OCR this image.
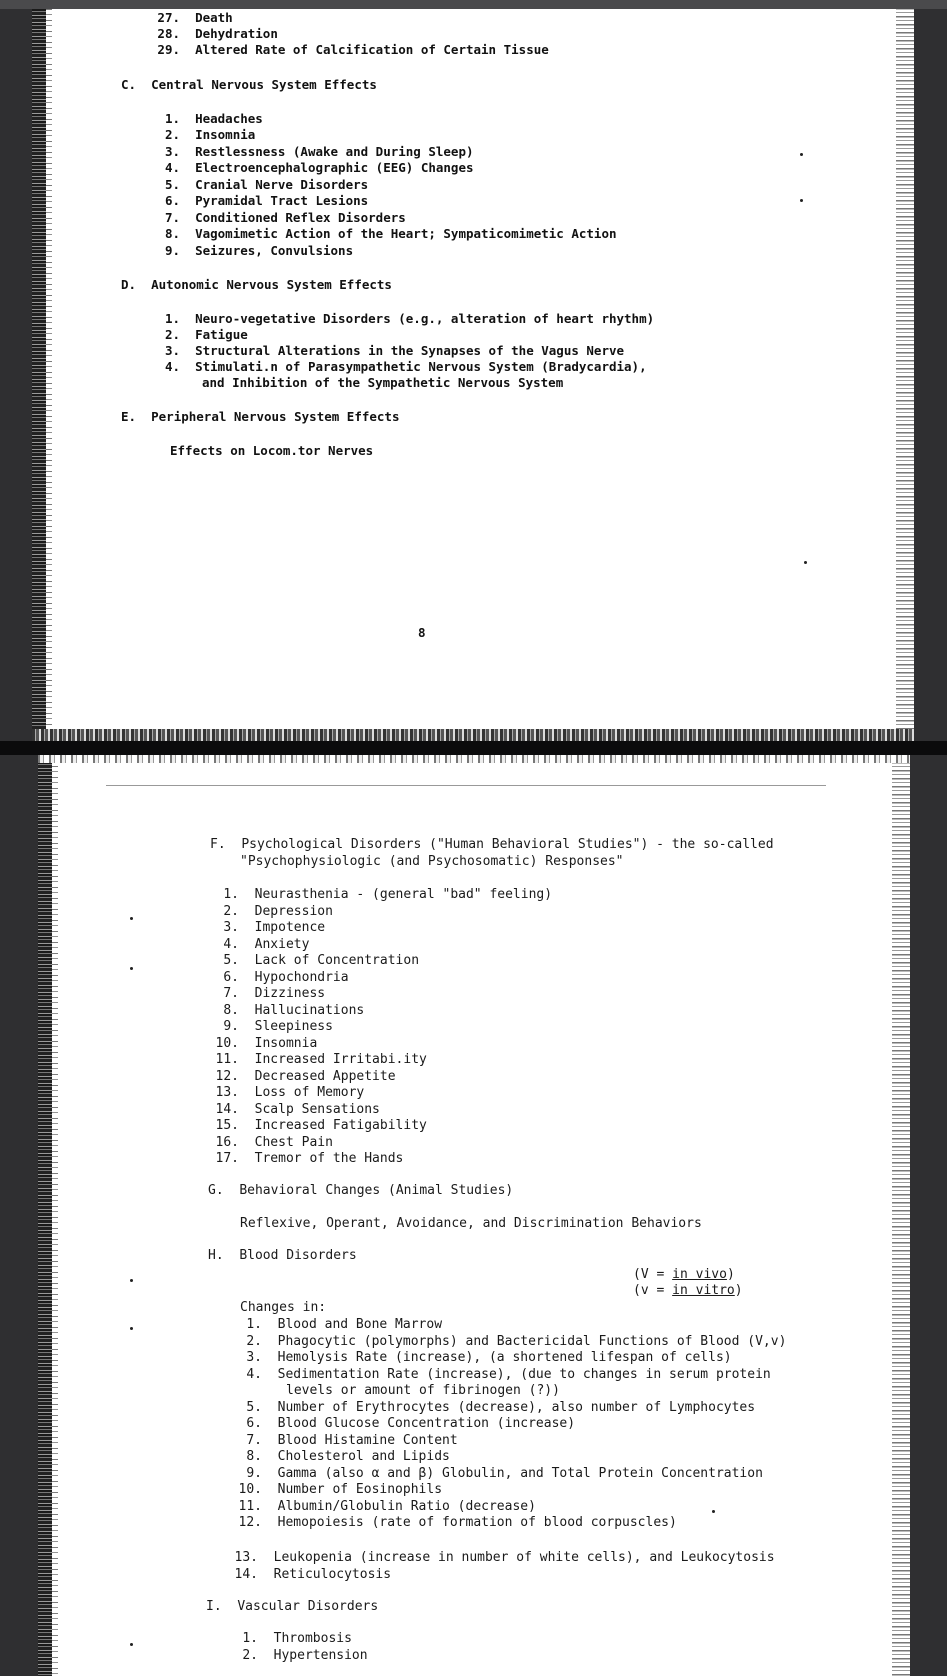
27. Death
28. Dehydration
29. Altered Rate of Calcification of Certain Tissue
C. Central Nervous System Effects
1. Headaches
2. Insomnia
3. Restlessness (Awake and During Sleep)
4. Electroencephalographic (EEG) Changes
5. Cranial Nerve Disorders
6. Pyramidal Tract Lesions
7. Conditioned Reflex Disorders
8. Vagomimetic Action of the Heart; Sympaticomimetic Action
9. Seizures, Convulsions
D. Autonomic Nervous System Effects
1. Neuro-vegetative Disorders (e.g., alteration of heart rhythm)
2. Fatigue
3. Structural Alterations in the Synapses of the Vagus Nerve
4. Stimulati.n of Parasympathetic Nervous System (Bradycardia),
and Inhibition of the Sympathetic Nervous System
E. Peripheral Nervous System Effects
Effects on Locom.tor Nerves
8
F. Psychological Disorders ("Human Behavioral Studies") - the so-called
"Psychophysiologic (and Psychosomatic) Responses"
1. Neurasthenia - (general "bad" feeling)
2. Depression
3. Impotence
4. Anxiety
5. Lack of Concentration
6. Hypochondria
7. Dizziness
8. Hallucinations
9. Sleepiness
10. Insomnia
11. Increased Irritabi.ity
12. Decreased Appetite
13. Loss of Memory
14. Scalp Sensations
15. Increased Fatigability
16. Chest Pain
17. Tremor of the Hands
G. Behavioral Changes (Animal Studies)
Reflexive, Operant, Avoidance, and Discrimination Behaviors
H. Blood Disorders
(V = in vivo)
(v = in vitro)
Changes in:
1. Blood and Bone Marrow
2. Phagocytic (polymorphs) and Bactericidal Functions of Blood (V,v)
3. Hemolysis Rate (increase), (a shortened lifespan of cells)
4. Sedimentation Rate (increase), (due to changes in serum protein
levels or amount of fibrinogen (?))
5. Number of Erythrocytes (decrease), also number of Lymphocytes
6. Blood Glucose Concentration (increase)
7. Blood Histamine Content
8. Cholesterol and Lipids
9. Gamma (also α and β) Globulin, and Total Protein Concentration
10. Number of Eosinophils
11. Albumin/Globulin Ratio (decrease)
12. Hemopoiesis (rate of formation of blood corpuscles)
13. Leukopenia (increase in number of white cells), and Leukocytosis
14. Reticulocytosis
I. Vascular Disorders
1. Thrombosis
2. Hypertension
